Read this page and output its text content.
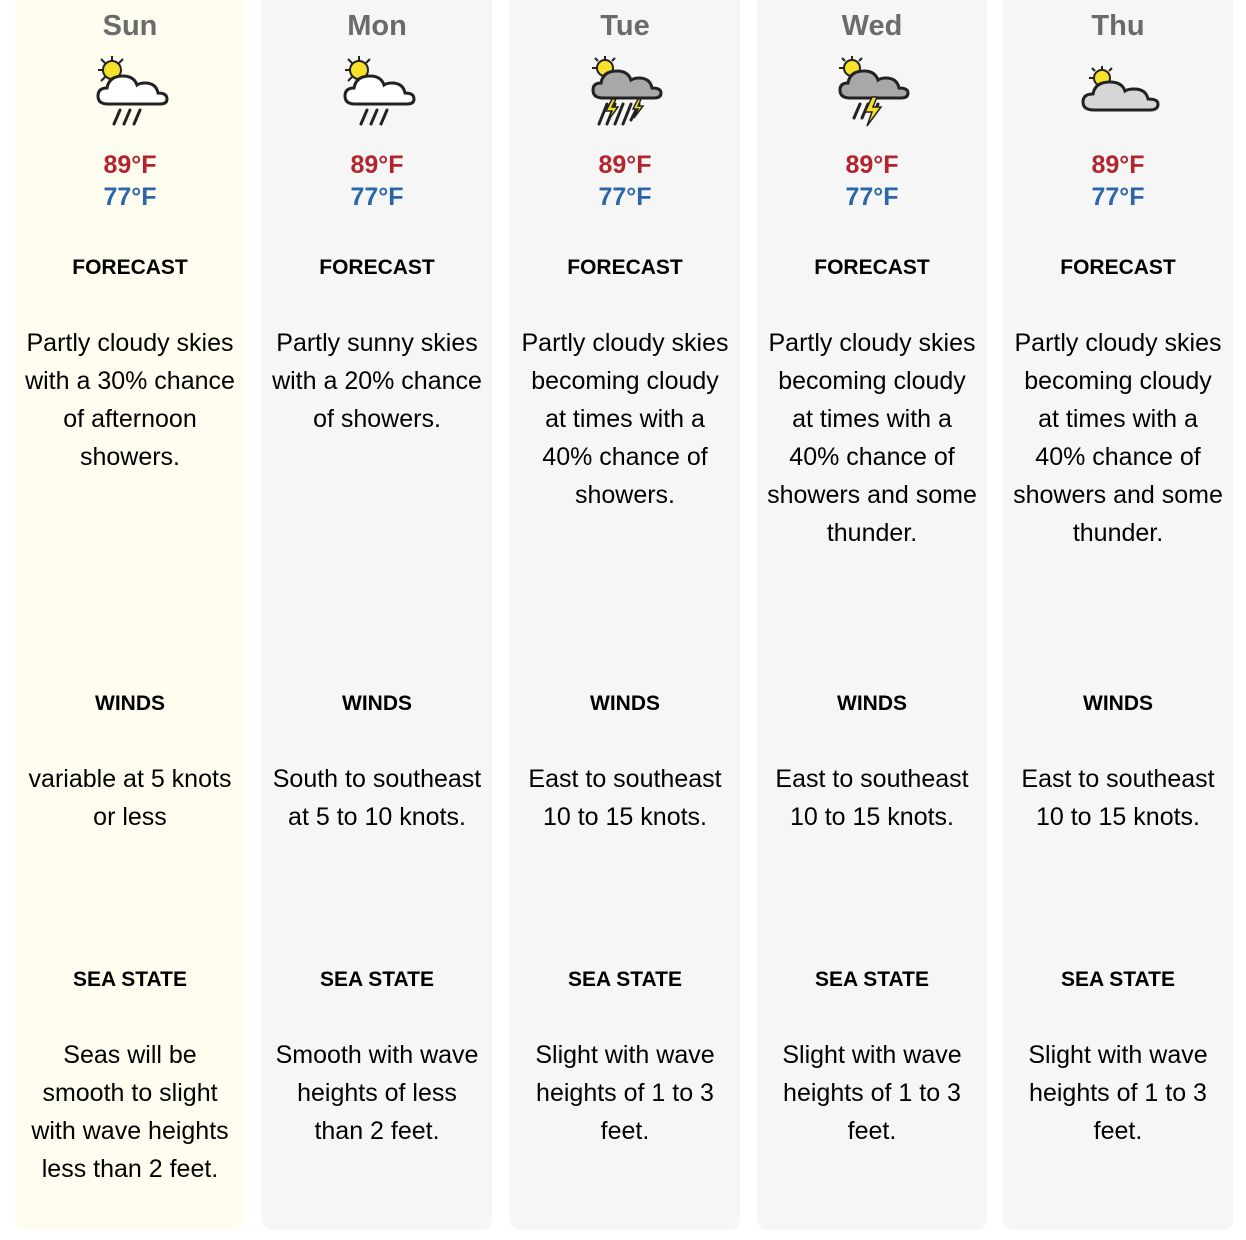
Sun
89°F
77°F
FORECAST
Partly cloudy skies with a 30% chance of afternoon showers.
WINDS
variable at 5 knots or less
SEA STATE
Seas will be smooth to slight with wave heights less than 2 feet.
Mon
89°F
77°F
FORECAST
Partly sunny skies with a 20% chance of showers.
WINDS
South to southeast at 5 to 10 knots.
SEA STATE
Smooth with wave heights of less than 2 feet.
Tue
89°F
77°F
FORECAST
Partly cloudy skies becoming cloudy at times with a 40% chance of showers.
WINDS
East to southeast 10 to 15 knots.
SEA STATE
Slight with wave heights of 1 to 3 feet.
Wed
89°F
77°F
FORECAST
Partly cloudy skies becoming cloudy at times with a 40% chance of showers and some thunder.
WINDS
East to southeast 10 to 15 knots.
SEA STATE
Slight with wave heights of 1 to 3 feet.
Thu
89°F
77°F
FORECAST
Partly cloudy skies becoming cloudy at times with a 40% chance of showers and some thunder.
WINDS
East to southeast 10 to 15 knots.
SEA STATE
Slight with wave heights of 1 to 3 feet.
